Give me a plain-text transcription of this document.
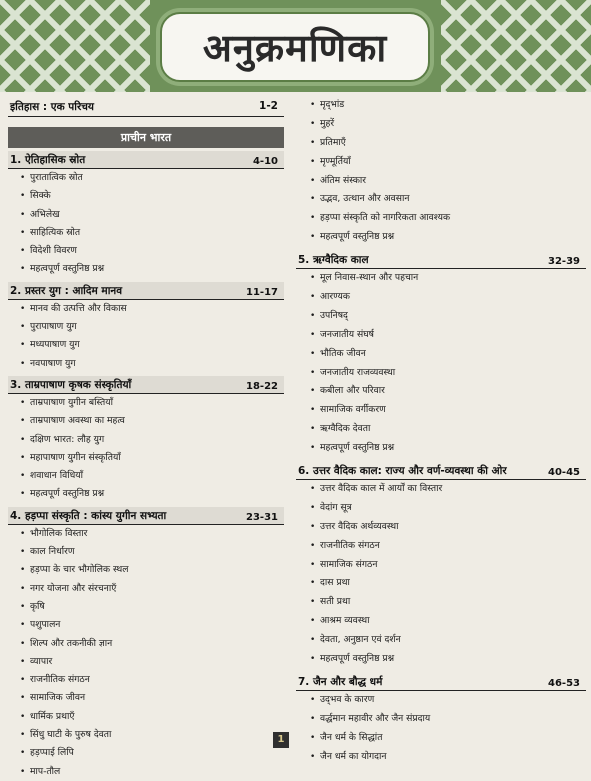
अनुक्रमणिका
इतिहास : एक परिचय	1-2
प्राचीन भारत
1. ऐतिहासिक स्रोत	4-10
• पुरातात्विक स्रोत
• सिक्के
• अभिलेख
• साहित्यिक स्रोत
• विदेशी विवरण
• महत्वपूर्ण वस्तुनिष्ठ प्रश्न
2. प्रस्तर युग : आदिम मानव	11-17
• मानव की उत्पत्ति और विकास
• पुरापाषाण युग
• मध्यपाषाण युग
• नवपाषाण युग
3. ताम्रपाषाण कृषक संस्कृतियाँ	18-22
• ताम्रपाषाण युगीन बस्तियाँ
• ताम्रपाषाण अवस्था का महत्व
• दक्षिण भारत: लौह युग
• महापाषाण युगीन संस्कृतियाँ
• शवाधान विधियाँ
• महत्वपूर्ण वस्तुनिष्ठ प्रश्न
4. हड़प्पा संस्कृति : कांस्य युगीन सभ्यता	23-31
• भौगोलिक विस्तार
• काल निर्धारण
• हड़प्पा के चार भौगोलिक स्थल
• नगर योजना और संरचनाएँ
• कृषि
• पशुपालन
• शिल्प और तकनीकी ज्ञान
• व्यापार
• राजनीतिक संगठन
• सामाजिक जीवन
• धार्मिक प्रथाएँ
• सिंधु घाटी के पुरुष देवता
• हड़प्पाई लिपि
• माप-तौल
• मृद्‌भांड
• मुहरें
• प्रतिमाएँ
• मृण्मूर्तियाँ
• अंतिम संस्कार
• उद्भव, उत्थान और अवसान
• हड़प्पा संस्कृति को नागरिकता आवश्यक
• महत्वपूर्ण वस्तुनिष्ठ प्रश्न
5. ऋग्वैदिक काल	32-39
• मूल निवास-स्थान और पहचान
• आरण्यक
• उपनिषद्
• जनजातीय संघर्ष
• भौतिक जीवन
• जनजातीय राजव्यवस्था
• कबीला और परिवार
• सामाजिक वर्गीकरण
• ऋग्वैदिक देवता
• महत्वपूर्ण वस्तुनिष्ठ प्रश्न
6. उत्तर वैदिक काल: राज्य और वर्ण-व्यवस्था की ओर	40-45
• उत्तर वैदिक काल में आर्यों का विस्तार
• वेदांग सूत्र
• उत्तर वैदिक अर्थव्यवस्था
• राजनीतिक संगठन
• सामाजिक संगठन
• दास प्रथा
• सती प्रथा
• आश्रम व्यवस्था
• देवता, अनुष्ठान एवं दर्शन
• महत्वपूर्ण वस्तुनिष्ठ प्रश्न
7. जैन और बौद्ध धर्म	46-53
• उद्‌भव के कारण
• वर्द्धमान महावीर और जैन संप्रदाय
• जैन धर्म के सिद्धांत
• जैन धर्म का योगदान
1
